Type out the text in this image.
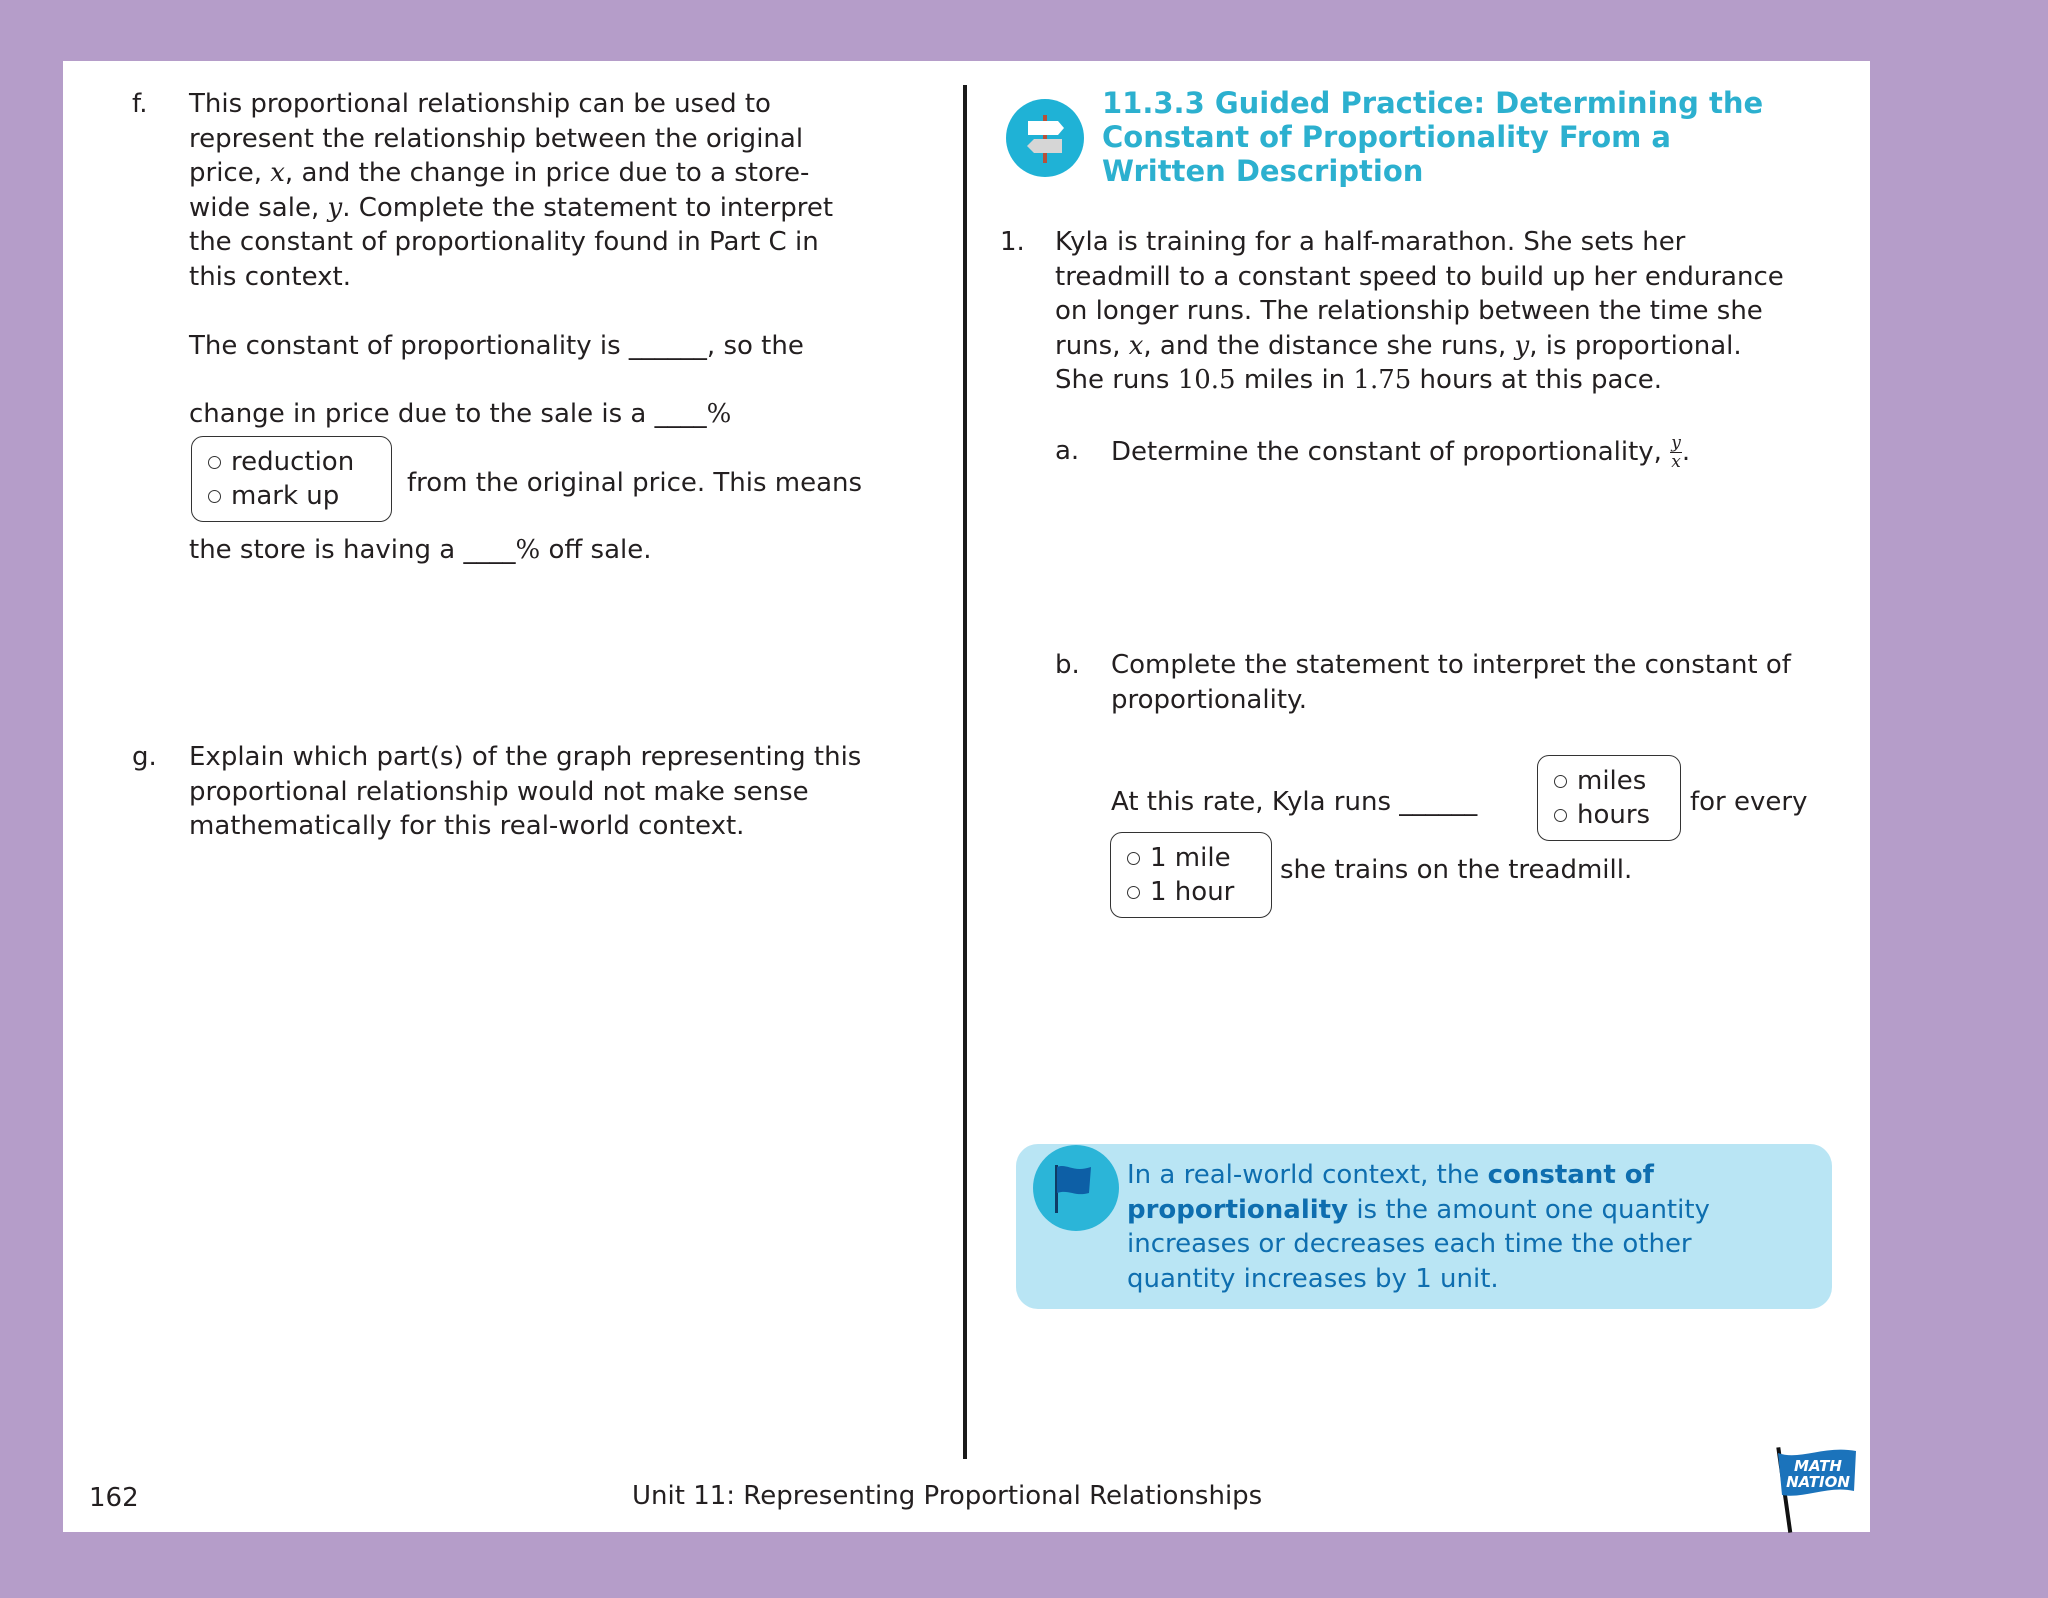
f. This proportional relationship can be used to
represent the relationship between the original
price, x, and the change in price due to a store-
wide sale, y. Complete the statement to interpret
the constant of proportionality found in Part C in
this context.
The constant of proportionality is ______, so the
change in price due to the sale is a ____%
reduction
mark up	from the original price. This means
the store is having a ____% off sale.
g. Explain which part(s) of the graph representing this
proportional relationship would not make sense
mathematically for this real-world context.
11.3.3 Guided Practice: Determining the
Constant of Proportionality From a
Written Description
1. Kyla is training for a half-marathon. She sets her
treadmill to a constant speed to build up her endurance
on longer runs. The relationship between the time she
runs, x, and the distance she runs, y, is proportional.
She runs 10.5 miles in 1.75 hours at this pace.
a. Determine the constant of proportionality, $\frac{y}{x}$ .
b. Complete the statement to interpret the constant of
proportionality.
At this rate, Kyla runs ______
miles
hours	for every
1 mile
1 hour
she trains on the treadmill.
In a real-world context, the constant of
proportionality is the amount one quantity
increases or decreases each time the other
quantity increases by 1 unit.
162	Unit 11: Representing Proportional Relationships
MATH
NATION
